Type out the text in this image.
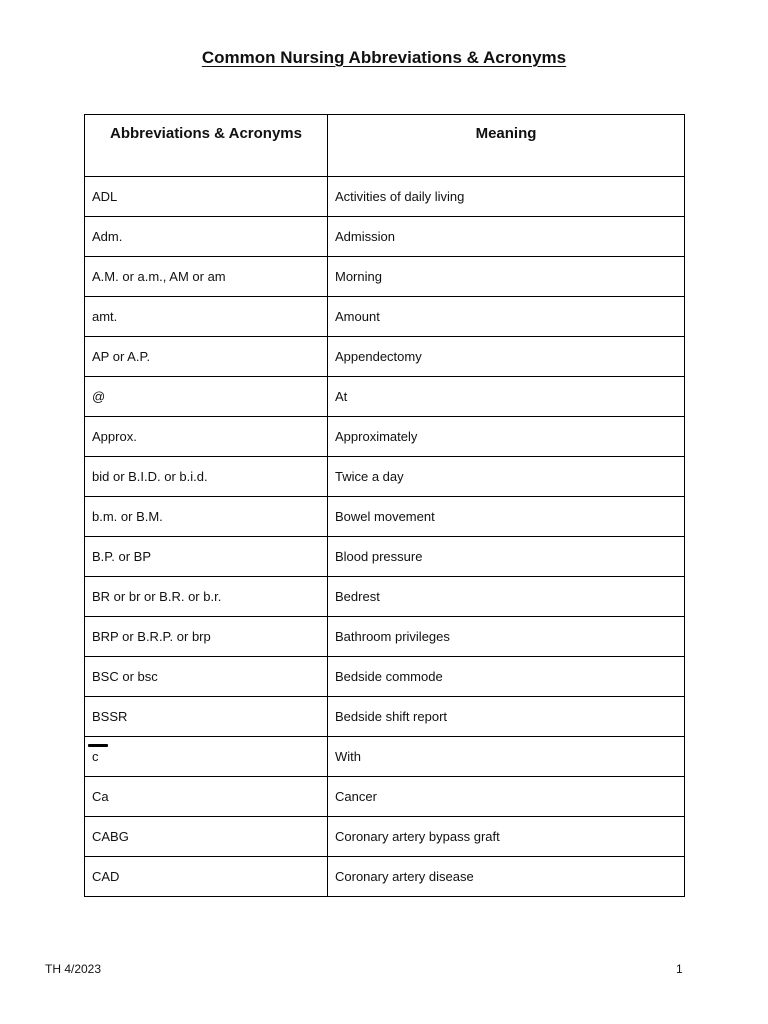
Common Nursing Abbreviations & Acronyms
Abbreviations & Acronyms	Meaning
ADL	Activities of daily living
Adm.	Admission
A.M. or a.m., AM or am	Morning
amt.	Amount
AP or A.P.	Appendectomy
@	At
Approx.	Approximately
bid or B.I.D. or b.i.d.	Twice a day
b.m. or B.M.	Bowel movement
B.P. or BP	Blood pressure
BR or br or B.R. or b.r.	Bedrest
BRP or B.R.P. or brp	Bathroom privileges
BSC or bsc	Bedside commode
BSSR	Bedside shift report

c	With
Ca	Cancer
CABG	Coronary artery bypass graft
CAD	Coronary artery disease
TH 4/2023	1
